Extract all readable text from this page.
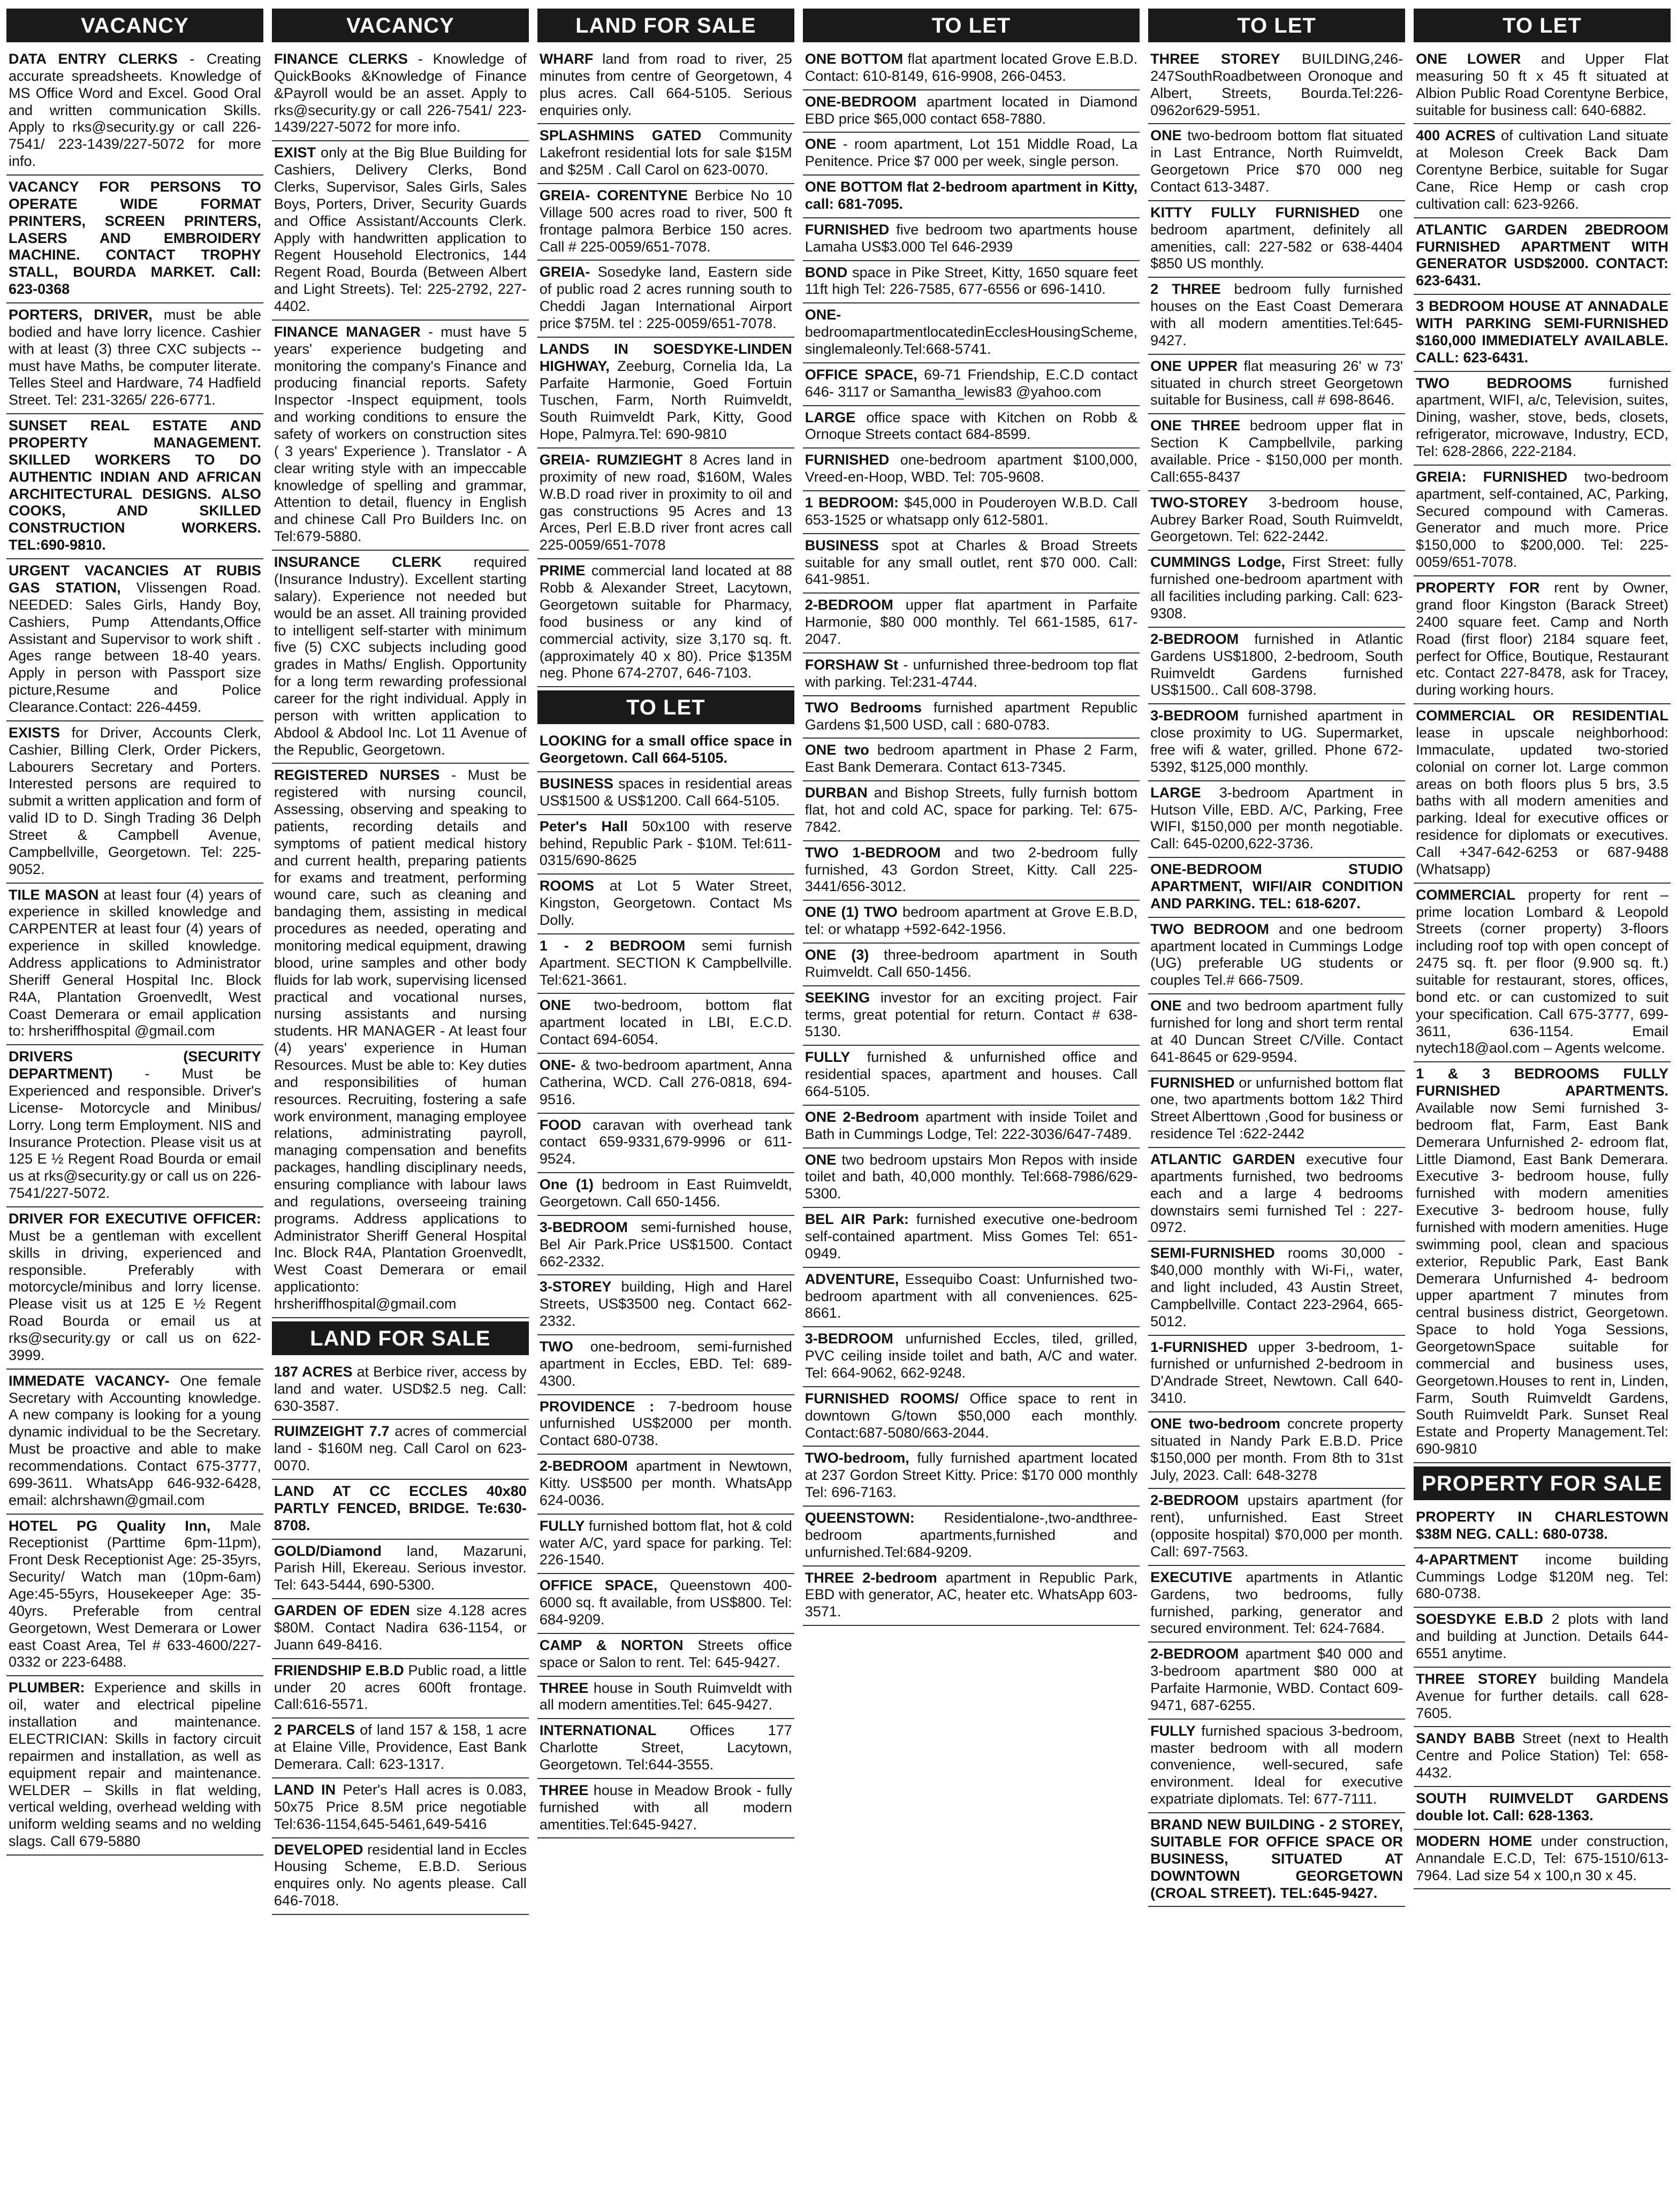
VACANCY
DATA ENTRY CLERKS - Creating accurate spreadsheets. Knowledge of MS Office Word and Excel. Good Oral and written communication Skills. Apply to rks@security.gy or call 226-7541/ 223-1439/227-5072 for more info.
VACANCY FOR PERSONS TO OPERATE WIDE FORMAT PRINTERS, SCREEN PRINTERS, LASERS AND EMBROIDERY MACHINE. CONTACT TROPHY STALL, BOURDA MARKET. Call: 623-0368
PORTERS, DRIVER, must be able bodied and have lorry licence. Cashier with at least (3) three CXC subjects -- must have Maths, be computer literate. Telles Steel and Hardware, 74 Hadfield Street. Tel: 231-3265/ 226-6771.
SUNSET REAL ESTATE AND PROPERTY MANAGEMENT. SKILLED WORKERS TO DO AUTHENTIC INDIAN AND AFRICAN ARCHITECTURAL DESIGNS. ALSO COOKS, AND SKILLED CONSTRUCTION WORKERS. TEL:690-9810.
URGENT VACANCIES AT RUBIS GAS STATION, Vlissengen Road. NEEDED: Sales Girls, Handy Boy, Cashiers, Pump Attendants,Office Assistant and Supervisor to work shift . Ages range between 18-40 years. Apply in person with Passport size picture,Resume and Police Clearance.Contact: 226-4459.
EXISTS for Driver, Accounts Clerk, Cashier, Billing Clerk, Order Pickers, Labourers Secretary and Porters. Interested persons are required to submit a written application and form of valid ID to D. Singh Trading 36 Delph Street & Campbell Avenue, Campbellville, Georgetown. Tel: 225-9052.
TILE MASON at least four (4) years of experience in skilled knowledge and CARPENTER at least four (4) years of experience in skilled knowledge. Address applications to Administrator Sheriff General Hospital Inc. Block R4A, Plantation Groenvedlt, West Coast Demerara or email application to: hrsheriffhospital @gmail.com
DRIVERS (SECURITY DEPARTMENT) - Must be Experienced and responsible. Driver's License- Motorcycle and Minibus/ Lorry. Long term Employment. NIS and Insurance Protection. Please visit us at 125 E ½ Regent Road Bourda or email us at rks@security.gy or call us on 226-7541/227-5072.
DRIVER FOR EXECUTIVE OFFICER: Must be a gentleman with excellent skills in driving, experienced and responsible. Preferably with motorcycle/minibus and lorry license. Please visit us at 125 E ½ Regent Road Bourda or email us at rks@security.gy or call us on 622-3999.
IMMEDATE VACANCY- One female Secretary with Accounting knowledge. A new company is looking for a young dynamic individual to be the Secretary. Must be proactive and able to make recommendations. Contact 675-3777, 699-3611. WhatsApp 646-932-6428, email: alchrshawn@gmail.com
HOTEL PG Quality Inn, Male Receptionist (Parttime 6pm-11pm), Front Desk Receptionist Age: 25-35yrs, Security/ Watch man (10pm-6am) Age:45-55yrs, Housekeeper Age: 35-40yrs. Preferable from central Georgetown, West Demerara or Lower east Coast Area, Tel # 633-4600/227-0332 or 223-6488.
PLUMBER: Experience and skills in oil, water and electrical pipeline installation and maintenance. ELECTRICIAN: Skills in factory circuit repairmen and installation, as well as equipment repair and maintenance. WELDER – Skills in flat welding, vertical welding, overhead welding with uniform welding seams and no welding slags. Call 679-5880
VACANCY
FINANCE CLERKS - Knowledge of QuickBooks &Knowledge of Finance &Payroll would be an asset. Apply to rks@security.gy or call 226-7541/ 223-1439/227-5072 for more info.
EXIST only at the Big Blue Building for Cashiers, Delivery Clerks, Bond Clerks, Supervisor, Sales Girls, Sales Boys, Porters, Driver, Security Guards and Office Assistant/Accounts Clerk. Apply with handwritten application to Regent Household Electronics, 144 Regent Road, Bourda (Between Albert and Light Streets). Tel: 225-2792, 227-4402.
FINANCE MANAGER - must have 5 years' experience budgeting and monitoring the company's Finance and producing financial reports. Safety Inspector -Inspect equipment, tools and working conditions to ensure the safety of workers on construction sites ( 3 years' Experience ). Translator - A clear writing style with an impeccable knowledge of spelling and grammar, Attention to detail, fluency in English and chinese Call Pro Builders Inc. on Tel:679-5880.
INSURANCE CLERK required (Insurance Industry). Excellent starting salary). Experience not needed but would be an asset. All training provided to intelligent self-starter with minimum five (5) CXC subjects including good grades in Maths/ English. Opportunity for a long term rewarding professional career for the right individual. Apply in person with written application to Abdool & Abdool Inc. Lot 11 Avenue of the Republic, Georgetown.
REGISTERED NURSES - Must be registered with nursing council, Assessing, observing and speaking to patients, recording details and symptoms of patient medical history and current health, preparing patients for exams and treatment, performing wound care, such as cleaning and bandaging them, assisting in medical procedures as needed, operating and monitoring medical equipment, drawing blood, urine samples and other body fluids for lab work, supervising licensed practical and vocational nurses, nursing assistants and nursing students. HR MANAGER - At least four (4) years' experience in Human Resources. Must be able to: Key duties and responsibilities of human resources. Recruiting, fostering a safe work environment, managing employee relations, administrating payroll, managing compensation and benefits packages, handling disciplinary needs, ensuring compliance with labour laws and regulations, overseeing training programs. Address applications to Administrator Sheriff General Hospital Inc. Block R4A, Plantation Groenvedlt, West Coast Demerara or email applicationto: hrsheriffhospital@gmail.com
LAND FOR SALE
187 ACRES at Berbice river, access by land and water. USD$2.5 neg. Call: 630-3587.
RUIMZEIGHT 7.7 acres of commercial land - $160M neg. Call Carol on 623-0070.
LAND AT CC ECCLES 40x80 PARTLY FENCED, BRIDGE. Te:630-8708.
GOLD/Diamond land, Mazaruni, Parish Hill, Ekereau. Serious investor. Tel: 643-5444, 690-5300.
GARDEN OF EDEN size 4.128 acres $80M. Contact Nadira 636-1154, or Juann 649-8416.
FRIENDSHIP E.B.D Public road, a little under 20 acres 600ft frontage. Call:616-5571.
2 PARCELS of land 157 & 158, 1 acre at Elaine Ville, Providence, East Bank Demerara. Call: 623-1317.
LAND IN Peter's Hall acres is 0.083, 50x75 Price 8.5M price negotiable Tel:636-1154,645-5461,649-5416
DEVELOPED residential land in Eccles Housing Scheme, E.B.D. Serious enquires only. No agents please. Call 646-7018.
LAND FOR SALE
WHARF land from road to river, 25 minutes from centre of Georgetown, 4 plus acres. Call 664-5105. Serious enquiries only.
SPLASHMINS GATED Community Lakefront residential lots for sale $15M and $25M . Call Carol on 623-0070.
GREIA- CORENTYNE Berbice No 10 Village 500 acres road to river, 500 ft frontage palmora Berbice 150 acres. Call # 225-0059/651-7078.
GREIA- Sosedyke land, Eastern side of public road 2 acres running south to Cheddi Jagan International Airport price $75M. tel : 225-0059/651-7078.
LANDS IN SOESDYKE-LINDEN HIGHWAY, Zeeburg, Cornelia Ida, La Parfaite Harmonie, Goed Fortuin Tuschen, Farm, North Ruimveldt, South Ruimveldt Park, Kitty, Good Hope, Palmyra.Tel: 690-9810
GREIA- RUMZIEGHT 8 Acres land in proximity of new road, $160M, Wales W.B.D road river in proximity to oil and gas constructions 95 Acres and 13 Arces, Perl E.B.D river front acres call 225-0059/651-7078
PRIME commercial land located at 88 Robb & Alexander Street, Lacytown, Georgetown suitable for Pharmacy, food business or any kind of commercial activity, size 3,170 sq. ft. (approximately 40 x 80). Price $135M neg. Phone 674-2707, 646-7103.
TO LET
LOOKING for a small office space in Georgetown. Call 664-5105.
BUSINESS spaces in residential areas US$1500 & US$1200. Call 664-5105.
Peter's Hall 50x100 with reserve behind, Republic Park - $10M. Tel:611-0315/690-8625
ROOMS at Lot 5 Water Street, Kingston, Georgetown. Contact Ms Dolly.
1 - 2 BEDROOM semi furnish Apartment. SECTION K Campbellville. Tel:621-3661.
ONE two-bedroom, bottom flat apartment located in LBI, E.C.D. Contact 694-6054.
ONE- & two-bedroom apartment, Anna Catherina, WCD. Call 276-0818, 694-9516.
FOOD caravan with overhead tank contact 659-9331,679-9996 or 611-9524.
One (1) bedroom in East Ruimveldt, Georgetown. Call 650-1456.
3-BEDROOM semi-furnished house, Bel Air Park.Price US$1500. Contact 662-2332.
3-STOREY building, High and Harel Streets, US$3500 neg. Contact 662-2332.
TWO one-bedroom, semi-furnished apartment in Eccles, EBD. Tel: 689-4300.
PROVIDENCE : 7-bedroom house unfurnished US$2000 per month. Contact 680-0738.
2-BEDROOM apartment in Newtown, Kitty. US$500 per month. WhatsApp 624-0036.
FULLY furnished bottom flat, hot & cold water A/C, yard space for parking. Tel: 226-1540.
OFFICE SPACE, Queenstown 400-6000 sq. ft available, from US$800. Tel: 684-9209.
CAMP & NORTON Streets office space or Salon to rent. Tel: 645-9427.
THREE house in South Ruimveldt with all modern amentities.Tel: 645-9427.
INTERNATIONAL Offices 177 Charlotte Street, Lacytown, Georgetown. Tel:644-3555.
THREE house in Meadow Brook - fully furnished with all modern amentities.Tel:645-9427.
TO LET
ONE BOTTOM flat apartment located Grove E.B.D. Contact: 610-8149, 616-9908, 266-0453.
ONE-BEDROOM apartment located in Diamond EBD price $65,000 contact 658-7880.
ONE - room apartment, Lot 151 Middle Road, La Penitence. Price $7 000 per week, single person.
ONE BOTTOM flat 2-bedroom apartment in Kitty, call: 681-7095.
FURNISHED five bedroom two apartments house Lamaha US$3.000 Tel 646-2939
BOND space in Pike Street, Kitty, 1650 square feet 11ft high Tel: 226-7585, 677-6556 or 696-1410.
ONE-bedroomapartmentlocatedinEcclesHousingScheme, singlemaleonly.Tel:668-5741.
OFFICE SPACE, 69-71 Friendship, E.C.D contact 646- 3117 or Samantha_lewis83 @yahoo.com
LARGE office space with Kitchen on Robb & Ornoque Streets contact 684-8599.
FURNISHED one-bedroom apartment $100,000, Vreed-en-Hoop, WBD. Tel: 705-9608.
1 BEDROOM: $45,000 in Pouderoyen W.B.D. Call 653-1525 or whatsapp only 612-5801.
BUSINESS spot at Charles & Broad Streets suitable for any small outlet, rent $70 000. Call: 641-9851.
2-BEDROOM upper flat apartment in Parfaite Harmonie, $80 000 monthly. Tel 661-1585, 617-2047.
FORSHAW St - unfurnished three-bedroom top flat with parking. Tel:231-4744.
TWO Bedrooms furnished apartment Republic Gardens $1,500 USD, call : 680-0783.
ONE two bedroom apartment in Phase 2 Farm, East Bank Demerara. Contact 613-7345.
DURBAN and Bishop Streets, fully furnish bottom flat, hot and cold AC, space for parking. Tel: 675-7842.
TWO 1-BEDROOM and two 2-bedroom fully furnished, 43 Gordon Street, Kitty. Call 225- 3441/656-3012.
ONE (1) TWO bedroom apartment at Grove E.B.D, tel: or whatapp +592-642-1956.
ONE (3) three-bedroom apartment in South Ruimveldt. Call 650-1456.
SEEKING investor for an exciting project. Fair terms, great potential for return. Contact # 638-5130.
FULLY furnished & unfurnished office and residential spaces, apartment and houses. Call 664-5105.
ONE 2-Bedroom apartment with inside Toilet and Bath in Cummings Lodge, Tel: 222-3036/647-7489.
ONE two bedroom upstairs Mon Repos with inside toilet and bath, 40,000 monthly. Tel:668-7986/629-5300.
BEL AIR Park: furnished executive one-bedroom self-contained apartment. Miss Gomes Tel: 651-0949.
ADVENTURE, Essequibo Coast: Unfurnished two-bedroom apartment with all conveniences. 625-8661.
3-BEDROOM unfurnished Eccles, tiled, grilled, PVC ceiling inside toilet and bath, A/C and water. Tel: 664-9062, 662-9248.
FURNISHED ROOMS/ Office space to rent in downtown G/town $50,000 each monthly. Contact:687-5080/663-2044.
TWO-bedroom, fully furnished apartment located at 237 Gordon Street Kitty. Price: $170 000 monthly Tel: 696-7163.
QUEENSTOWN: Residentialone-,two-andthree-bedroom apartments,furnished and unfurnished.Tel:684-9209.
THREE 2-bedroom apartment in Republic Park, EBD with generator, AC, heater etc. WhatsApp 603-3571.
TO LET
THREE STOREY BUILDING,246-247SouthRoadbetween Oronoque and Albert, Streets, Bourda.Tel:226-0962or629-5951.
ONE two-bedroom bottom flat situated in Last Entrance, North Ruimveldt, Georgetown Price $70 000 neg Contact 613-3487.
KITTY FULLY FURNISHED one bedroom apartment, definitely all amenities, call: 227-582 or 638-4404 $850 US monthly.
2 THREE bedroom fully furnished houses on the East Coast Demerara with all modern amentities.Tel:645-9427.
ONE UPPER flat measuring 26' w 73' situated in church street Georgetown suitable for Business, call # 698-8646.
ONE THREE bedroom upper flat in Section K Campbellvile, parking available. Price - $150,000 per month. Call:655-8437
TWO-STOREY 3-bedroom house, Aubrey Barker Road, South Ruimveldt, Georgetown. Tel: 622-2442.
CUMMINGS Lodge, First Street: fully furnished one-bedroom apartment with all facilities including parking. Call: 623-9308.
2-BEDROOM furnished in Atlantic Gardens US$1800, 2-bedroom, South Ruimveldt Gardens furnished US$1500.. Call 608-3798.
3-BEDROOM furnished apartment in close proximity to UG. Supermarket, free wifi & water, grilled. Phone 672-5392, $125,000 monthly.
LARGE 3-bedroom Apartment in Hutson Ville, EBD. A/C, Parking, Free WIFI, $150,000 per month negotiable. Call: 645-0200,622-3736.
ONE-BEDROOM STUDIO APARTMENT, WIFI/AIR CONDITION AND PARKING. TEL: 618-6207.
TWO BEDROOM and one bedroom apartment located in Cummings Lodge (UG) preferable UG students or couples Tel.# 666-7509.
ONE and two bedroom apartment fully furnished for long and short term rental at 40 Duncan Street C/Ville. Contact 641-8645 or 629-9594.
FURNISHED or unfurnished bottom flat one, two apartments bottom 1&2 Third Street Alberttown ,Good for business or residence Tel :622-2442
ATLANTIC GARDEN executive four apartments furnished, two bedrooms each and a large 4 bedrooms downstairs semi furnished Tel : 227-0972.
SEMI-FURNISHED rooms 30,000 - $40,000 monthly with Wi-Fi,, water, and light included, 43 Austin Street, Campbellville. Contact 223-2964, 665-5012.
1-FURNISHED upper 3-bedroom, 1-furnished or unfurnished 2-bedroom in D'Andrade Street, Newtown. Call 640-3410.
ONE two-bedroom concrete property situated in Nandy Park E.B.D. Price $150,000 per month. From 8th to 31st July, 2023. Call: 648-3278
2-BEDROOM upstairs apartment (for rent), unfurnished. East Street (opposite hospital) $70,000 per month. Call: 697-7563.
EXECUTIVE apartments in Atlantic Gardens, two bedrooms, fully furnished, parking, generator and secured environment. Tel: 624-7684.
2-BEDROOM apartment $40 000 and 3-bedroom apartment $80 000 at Parfaite Harmonie, WBD. Contact 609-9471, 687-6255.
FULLY furnished spacious 3-bedroom, master bedroom with all modern convenience, well-secured, safe environment. Ideal for executive expatriate diplomats. Tel: 677-7111.
BRAND NEW BUILDING - 2 STOREY, SUITABLE FOR OFFICE SPACE OR BUSINESS, SITUATED AT DOWNTOWN GEORGETOWN (CROAL STREET). TEL:645-9427.
TO LET
ONE LOWER and Upper Flat measuring 50 ft x 45 ft situated at Albion Public Road Corentyne Berbice, suitable for business call: 640-6882.
400 ACRES of cultivation Land situate at Moleson Creek Back Dam Corentyne Berbice, suitable for Sugar Cane, Rice Hemp or cash crop cultivation call: 623-9266.
ATLANTIC GARDEN 2BEDROOM FURNISHED APARTMENT WITH GENERATOR USD$2000. CONTACT: 623-6431.
3 BEDROOM HOUSE AT ANNADALE WITH PARKING SEMI-FURNISHED $160,000 IMMEDIATELY AVAILABLE. CALL: 623-6431.
TWO BEDROOMS furnished apartment, WIFI, a/c, Television, suites, Dining, washer, stove, beds, closets, refrigerator, microwave, Industry, ECD, Tel: 628-2866, 222-2184.
GREIA: FURNISHED two-bedroom apartment, self-contained, AC, Parking, Secured compound with Cameras. Generator and much more. Price $150,000 to $200,000. Tel: 225-0059/651-7078.
PROPERTY FOR rent by Owner, grand floor Kingston (Barack Street) 2400 square feet. Camp and North Road (first floor) 2184 square feet, perfect for Office, Boutique, Restaurant etc. Contact 227-8478, ask for Tracey, during working hours.
COMMERCIAL OR RESIDENTIAL lease in upscale neighborhood: Immaculate, updated two-storied colonial on corner lot. Large common areas on both floors plus 5 brs, 3.5 baths with all modern amenities and parking. Ideal for executive offices or residence for diplomats or executives. Call +347-642-6253 or 687-9488 (Whatsapp)
COMMERCIAL property for rent – prime location Lombard & Leopold Streets (corner property) 3-floors including roof top with open concept of 2475 sq. ft. per floor (9.900 sq. ft.) suitable for restaurant, stores, offices, bond etc. or can customized to suit your specification. Call 675-3777, 699-3611, 636-1154. Email nytech18@aol.com – Agents welcome.
1 & 3 BEDROOMS FULLY FURNISHED APARTMENTS. Available now Semi furnished 3-bedroom flat, Farm, East Bank Demerara Unfurnished 2- edroom flat, Little Diamond, East Bank Demerara. Executive 3- bedroom house, fully furnished with modern amenities Executive 3- bedroom house, fully furnished with modern amenities. Huge swimming pool, clean and spacious exterior, Republic Park, East Bank Demerara Unfurnished 4- bedroom upper apartment 7 minutes from central business district, Georgetown. Space to hold Yoga Sessions, GeorgetownSpace suitable for commercial and business uses, Georgetown.Houses to rent in, Linden, Farm, South Ruimveldt Gardens, South Ruimveldt Park. Sunset Real Estate and Property Management.Tel: 690-9810
PROPERTY FOR SALE
PROPERTY IN CHARLESTOWN $38M NEG. CALL: 680-0738.
4-APARTMENT income building Cummings Lodge $120M neg. Tel: 680-0738.
SOESDYKE E.B.D 2 plots with land and building at Junction. Details 644-6551 anytime.
THREE STOREY building Mandela Avenue for further details. call 628-7605.
SANDY BABB Street (next to Health Centre and Police Station) Tel: 658-4432.
SOUTH RUIMVELDT GARDENS double lot. Call: 628-1363.
MODERN HOME under construction, Annandale E.C.D, Tel: 675-1510/613-7964. Lad size 54 x 100,n 30 x 45.
